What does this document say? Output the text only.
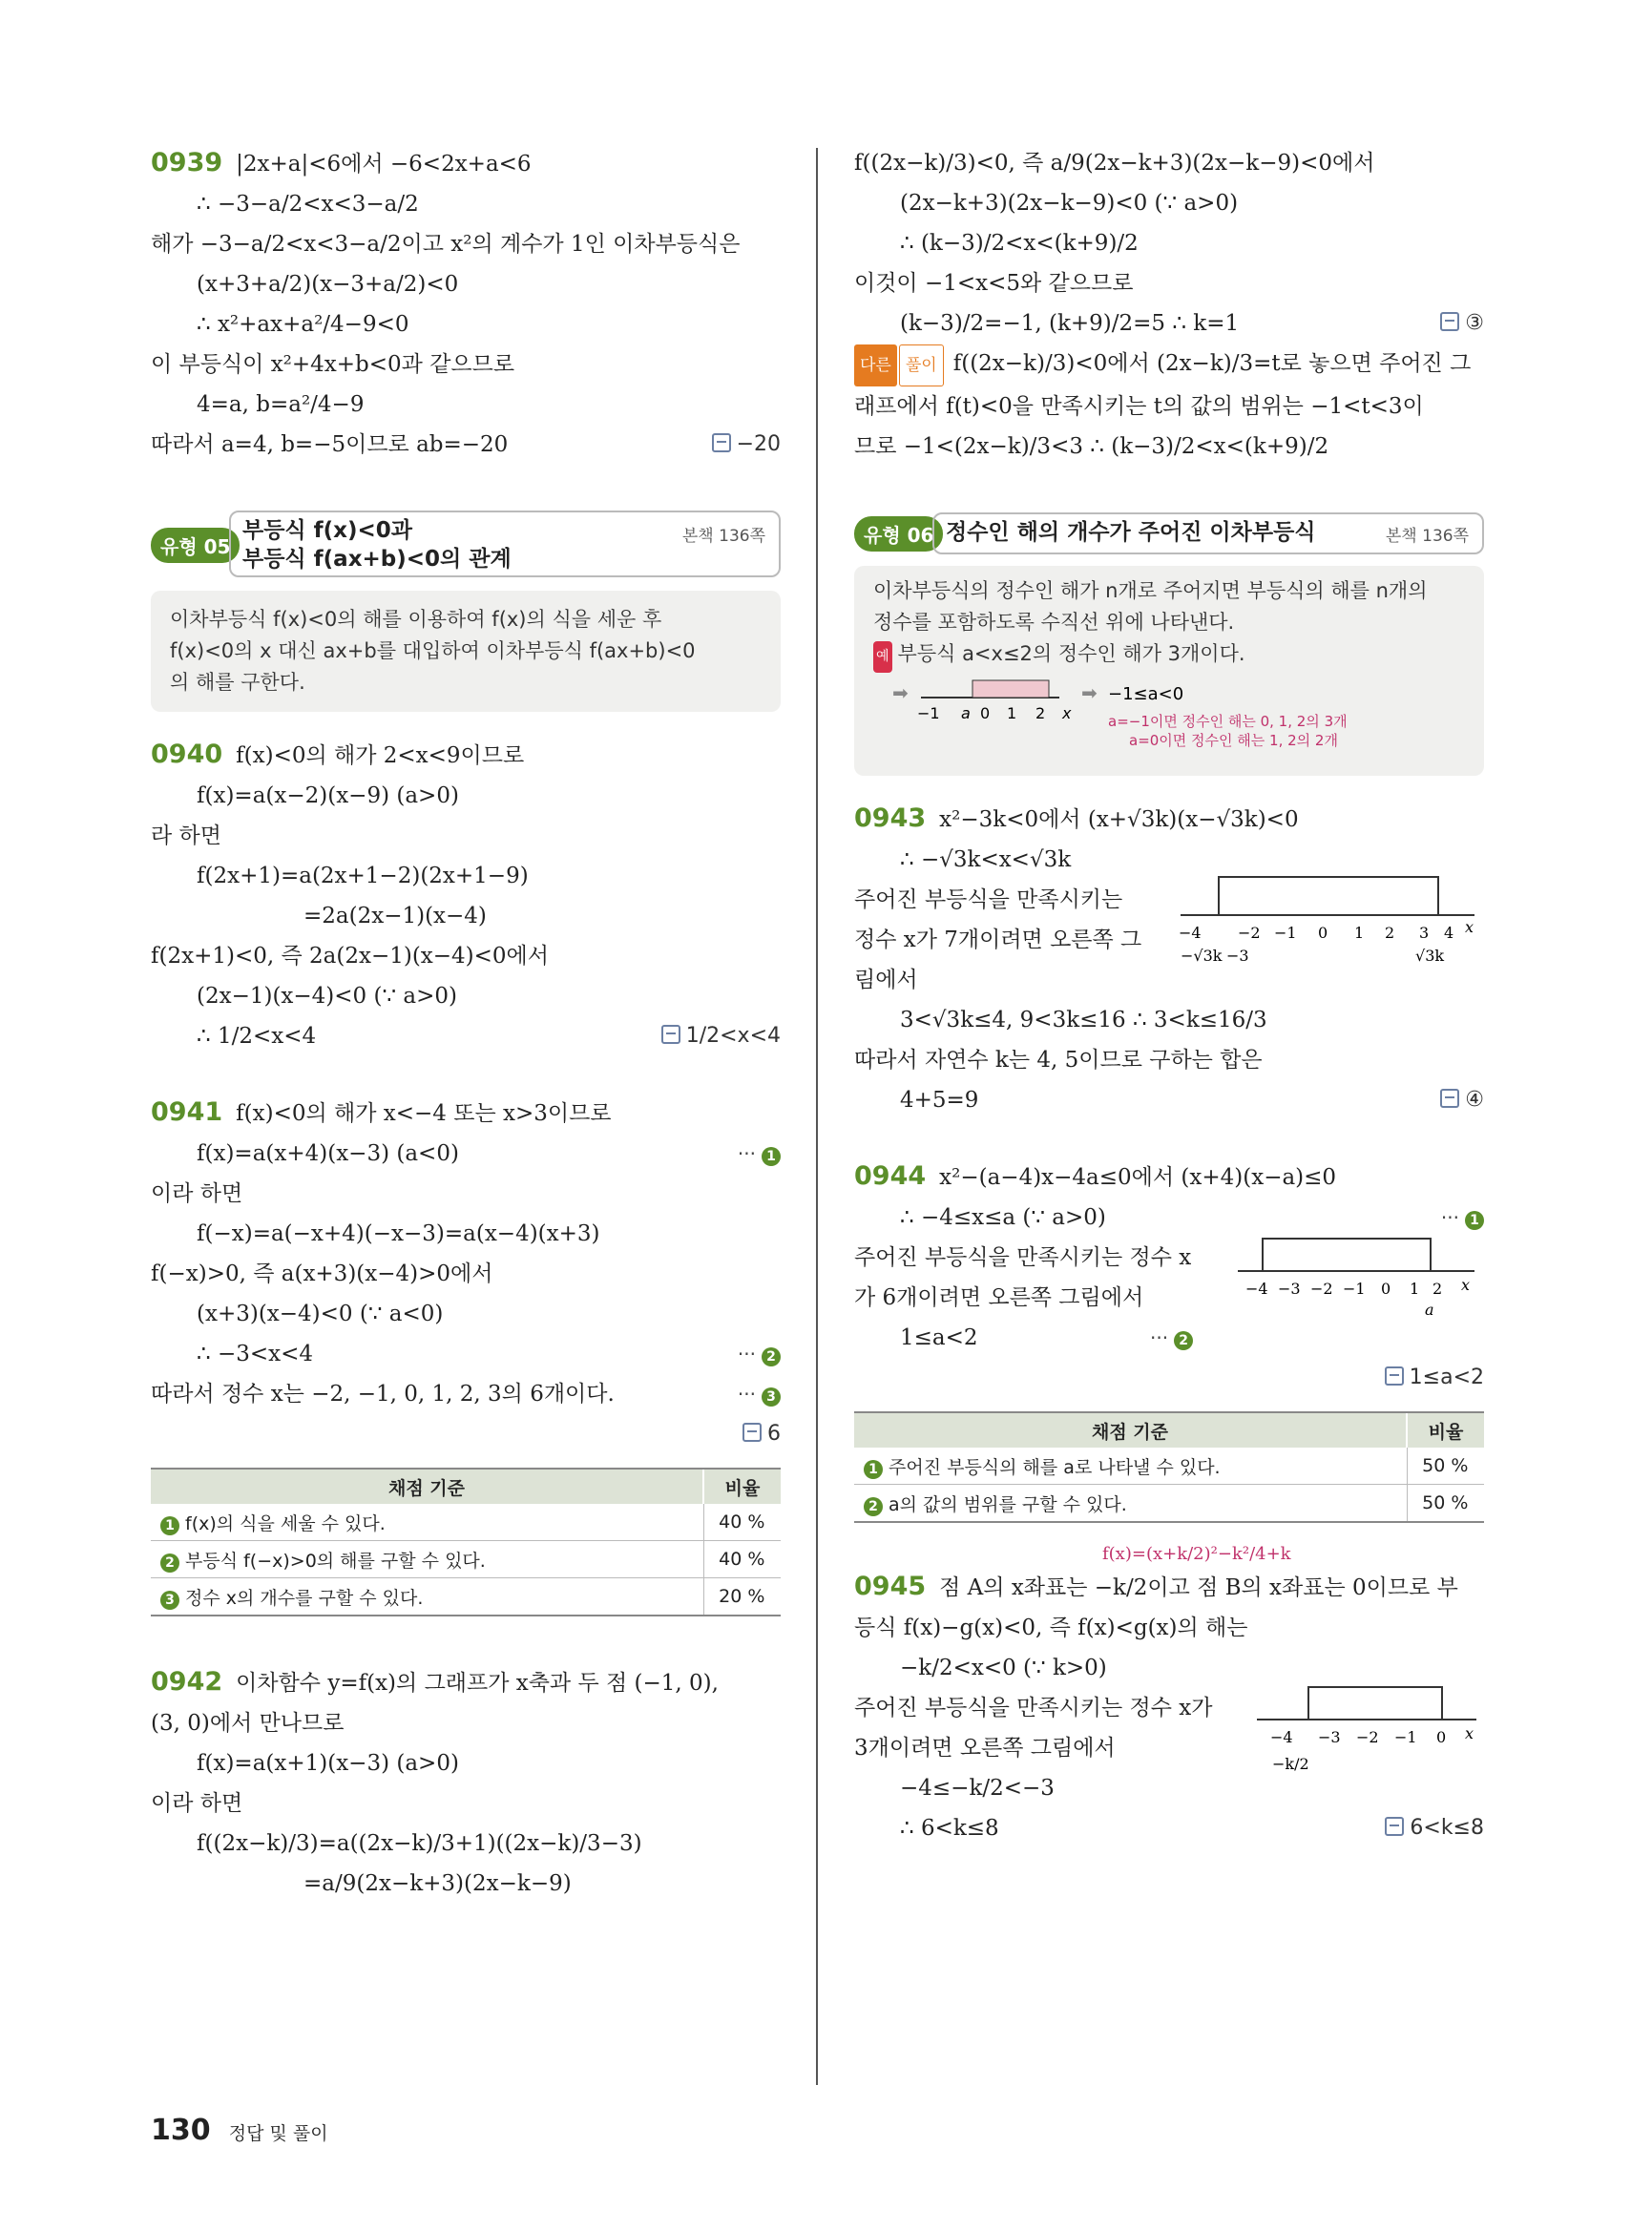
0939 |2x+a|<6에서 −6<2x+a<6
∴ −3−a/2<x<3−a/2
해가 −3−a/2<x<3−a/2이고 x²의 계수가 1인 이차부등식은
(x+3+a/2)(x−3+a/2)<0
∴ x²+ax+a²/4−9<0
이 부등식이 x²+4x+b<0과 같으므로
4=a, b=a²/4−9
따라서 a=4, b=−5이므로 ab=−20	−20
유형 05
부등식 f(x)<0과
부등식 f(ax+b)<0의 관계
본책 136쪽
이차부등식 f(x)<0의 해를 이용하여 f(x)의 식을 세운 후
f(x)<0의 x 대신 ax+b를 대입하여 이차부등식 f(ax+b)<0
의 해를 구한다.
0940 f(x)<0의 해가 2<x<9이므로
f(x)=a(x−2)(x−9) (a>0)
라 하면
f(2x+1)=a(2x+1−2)(2x+1−9)
=2a(2x−1)(x−4)
f(2x+1)<0, 즉 2a(2x−1)(x−4)<0에서
(2x−1)(x−4)<0 (∵ a>0)
∴ 1/2<x<4	1/2<x<4
0941 f(x)<0의 해가 x<−4 또는 x>3이므로
f(x)=a(x+4)(x−3) (a<0)	··· 1
이라 하면
f(−x)=a(−x+4)(−x−3)=a(x−4)(x+3)
f(−x)>0, 즉 a(x+3)(x−4)>0에서
(x+3)(x−4)<0 (∵ a<0)
∴ −3<x<4	··· 2
따라서 정수 x는 −2, −1, 0, 1, 2, 3의 6개이다.	··· 3
6

채점 기준	비율
1 f(x)의 식을 세울 수 있다.	40 %
2 부등식 f(−x)>0의 해를 구할 수 있다.	40 %
3 정수 x의 개수를 구할 수 있다.	20 %
0942 이차함수 y=f(x)의 그래프가 x축과 두 점 (−1, 0),
(3, 0)에서 만나므로
f(x)=a(x+1)(x−3) (a>0)
이라 하면
f((2x−k)/3)=a((2x−k)/3+1)((2x−k)/3−3)
=a/9(2x−k+3)(2x−k−9)
f((2x−k)/3)<0, 즉 a/9(2x−k+3)(2x−k−9)<0에서
(2x−k+3)(2x−k−9)<0 (∵ a>0)
∴ (k−3)/2<x<(k+9)/2
이것이 −1<x<5와 같으므로
(k−3)/2=−1, (k+9)/2=5 ∴ k=1	③
다른 풀이 f((2x−k)/3)<0에서 (2x−k)/3=t로 놓으면 주어진 그
래프에서 f(t)<0을 만족시키는 t의 값의 범위는 −1<t<3이
므로 −1<(2x−k)/3<3 ∴ (k−3)/2<x<(k+9)/2
유형 06 정수인 해의 개수가 주어진 이차부등식	본책 136쪽
이차부등식의 정수인 해가 n개로 주어지면 부등식의 해를 n개의
정수를 포함하도록 수직선 위에 나타낸다.
예 부등식 a<x≤2의 정수인 해가 3개이다.
➡
−1 a 0 1 2 x
➡ −1≤a<0
a=−1이면 정수인 해는 0, 1, 2의 3개
a=0이면 정수인 해는 1, 2의 2개
0943 x²−3k<0에서 (x+√3k)(x−√3k)<0
∴ −√3k<x<√3k
주어진 부등식을 만족시키는
정수 x가 7개이려면 오른쪽 그
림에서
−4 −2 −1 0 1 2 3 4 x
−√3k −3	√3k
3<√3k≤4, 9<3k≤16 ∴ 3<k≤16/3
따라서 자연수 k는 4, 5이므로 구하는 합은
4+5=9	④
0944 x²−(a−4)x−4a≤0에서 (x+4)(x−a)≤0
∴ −4≤x≤a (∵ a>0)	··· 1
주어진 부등식을 만족시키는 정수 x
가 6개이려면 오른쪽 그림에서
1≤a<2	··· 2
−4 −3 −2 −1 0 1 2 x
a
1≤a<2

채점 기준	비율
1 주어진 부등식의 해를 a로 나타낼 수 있다.	50 %
2 a의 값의 범위를 구할 수 있다.	50 %
f(x)=(x+k/2)²−k²/4+k
0945 점 A의 x좌표는 −k/2이고 점 B의 x좌표는 0이므로 부
등식 f(x)−g(x)<0, 즉 f(x)<g(x)의 해는
−k/2<x<0 (∵ k>0)
주어진 부등식을 만족시키는 정수 x가
3개이려면 오른쪽 그림에서	−4 −3 −2 −1 0 x
−k/2
−4≤−k/2<−3
∴ 6<k≤8	6<k≤8
130 정답 및 풀이
